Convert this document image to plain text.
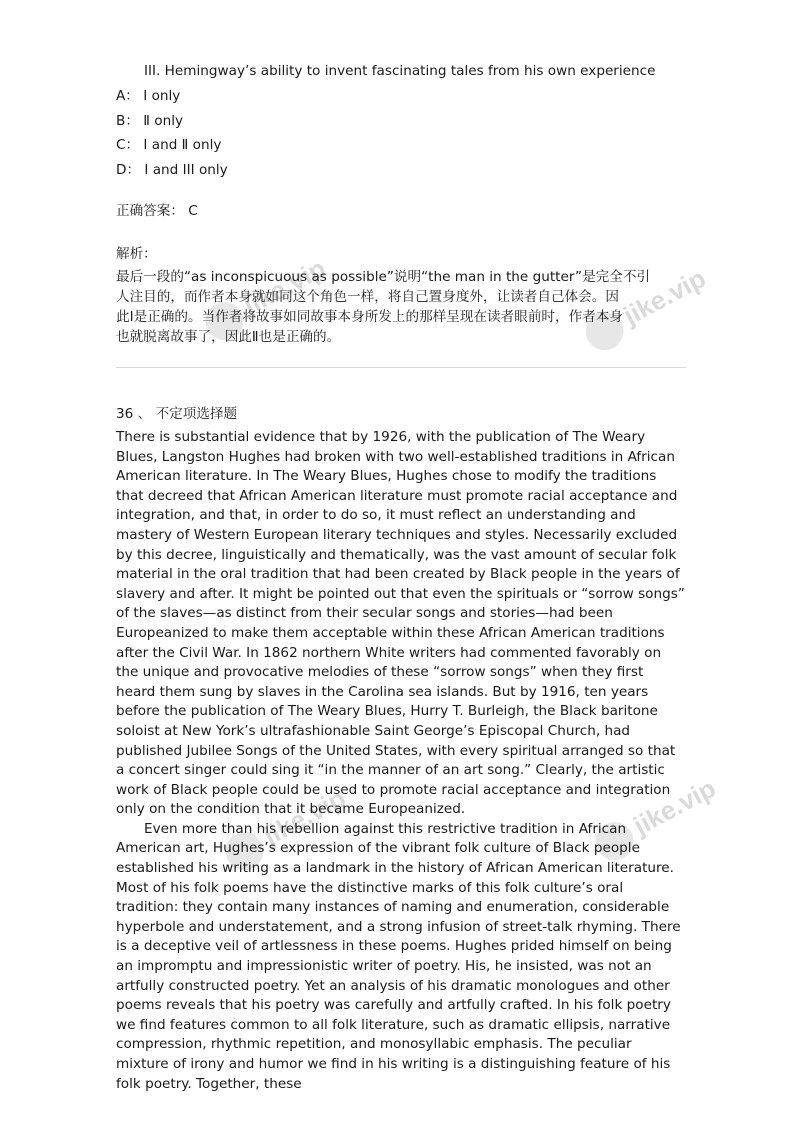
jike.vip	jike.vip
jike.vip	jike.vip
III. Hemingway’s ability to invent fascinating tales from his own experience
A： I only
B： Ⅱ only
C： I and Ⅱ only
D： I and III only
正确答案： C
解析：
最后一段的“as inconspicuous as possible”说明“the man in the gutter”是完全不引
人注目的，而作者本身就如同这个角色一样，将自己置身度外，让读者自己体会。因
此Ⅰ是正确的。当作者将故事如同故事本身所发上的那样呈现在读者眼前时，作者本身
也就脱离故事了，因此Ⅱ也是正确的。
36 、 不定项选择题

There is substantial evidence that by 1926, with the publication of The Weary Blues, Langston Hughes had broken with two well-established traditions in African American literature. In The Weary Blues, Hughes chose to modify the traditions that decreed that African American literature must promote racial acceptance and integration, and that, in order to do so, it must reflect an understanding and mastery of Western European literary techniques and styles. Necessarily excluded by this decree, linguistically and thematically, was the vast amount of secular folk material in the oral tradition that had been created by Black people in the years of slavery and after. It might be pointed out that even the spirituals or “sorrow songs” of the slaves—as distinct from their secular songs and stories—had been Europeanized to make them acceptable within these African American traditions after the Civil War. In 1862 northern White writers had commented favorably on the unique and provocative melodies of these “sorrow songs” when they first heard them sung by slaves in the Carolina sea islands. But by 1916, ten years before the publication of The Weary Blues, Hurry T. Burleigh, the Black baritone soloist at New York’s ultrafashionable Saint George’s Episcopal Church, had published Jubilee Songs of the United States, with every spiritual arranged so that a concert singer could sing it “in the manner of an art song.” Clearly, the artistic work of Black people could be used to promote racial acceptance and integration only on the condition that it became Europeanized.

Even more than his rebellion against this restrictive tradition in African American art, Hughes’s expression of the vibrant folk culture of Black people established his writing as a landmark in the history of African American literature. Most of his folk poems have the distinctive marks of this folk culture’s oral tradition: they contain many instances of naming and enumeration, considerable hyperbole and understatement, and a strong infusion of street-talk rhyming. There is a deceptive veil of artlessness in these poems. Hughes prided himself on being an impromptu and impressionistic writer of poetry. His, he insisted, was not an artfully constructed poetry. Yet an analysis of his dramatic monologues and other poems reveals that his poetry was carefully and artfully crafted. In his folk poetry we find features common to all folk literature, such as dramatic ellipsis, narrative compression, rhythmic repetition, and monosyllabic emphasis. The peculiar mixture of irony and humor we find in his writing is a distinguishing feature of his folk poetry. Together, these
